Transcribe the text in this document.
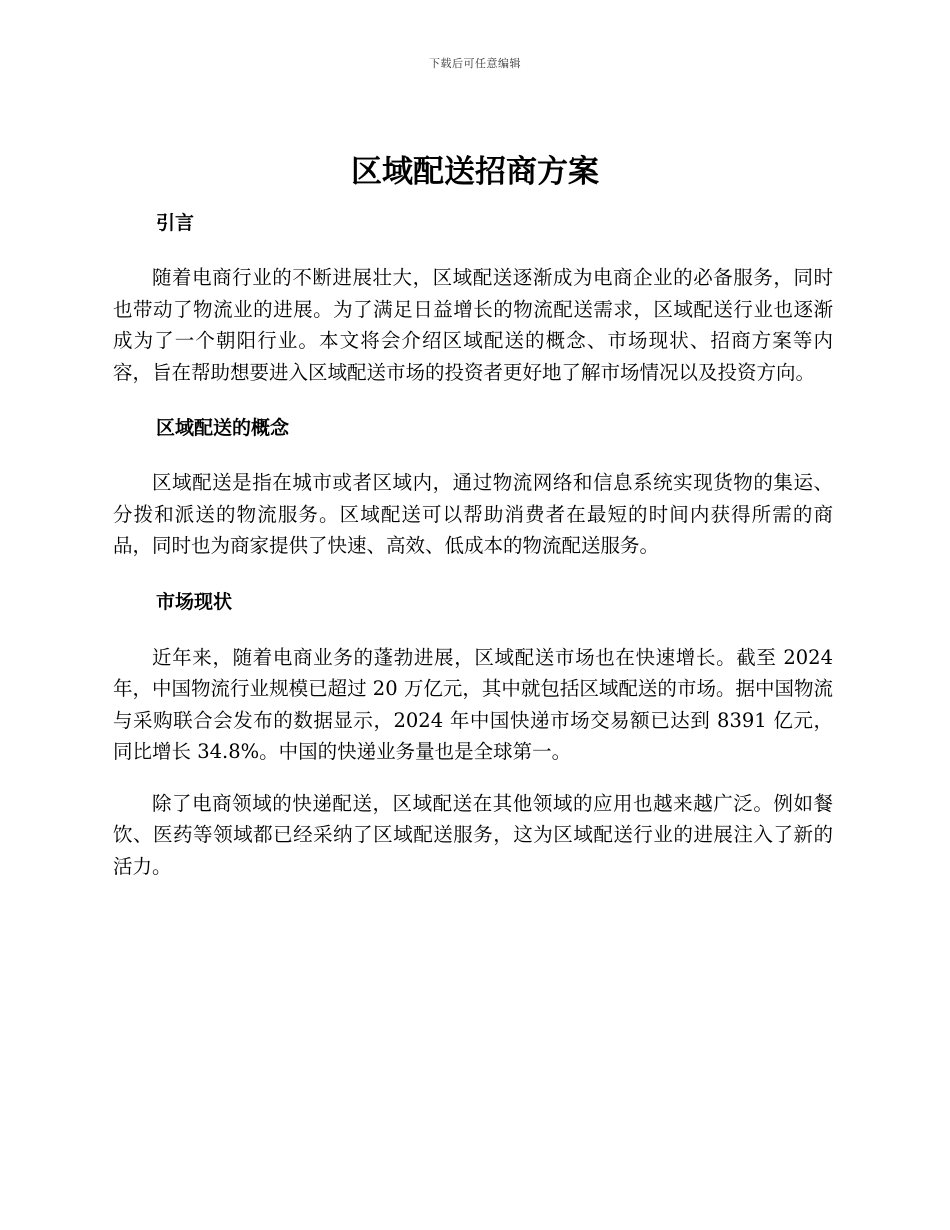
下载后可任意编辑
区域配送招商方案
引言

随着电商行业的不断进展壮大，区域配送逐渐成为电商企业的必备服务，同时也带动了物流业的进展。为了满足日益增长的物流配送需求，区域配送行业也逐渐成为了一个朝阳行业。本文将会介绍区域配送的概念、市场现状、招商方案等内容，旨在帮助想要进入区域配送市场的投资者更好地了解市场情况以及投资方向。

区域配送的概念

区域配送是指在城市或者区域内，通过物流网络和信息系统实现货物的集运、分拨和派送的物流服务。区域配送可以帮助消费者在最短的时间内获得所需的商品，同时也为商家提供了快速、高效、低成本的物流配送服务。

市场现状

近年来，随着电商业务的蓬勃进展，区域配送市场也在快速增长。截至 2024 年，中国物流行业规模已超过 20 万亿元，其中就包括区域配送的市场。据中国物流与采购联合会发布的数据显示，2024 年中国快递市场交易额已达到 8391 亿元，同比增长 34.8%。中国的快递业务量也是全球第一。

除了电商领域的快递配送，区域配送在其他领域的应用也越来越广泛。例如餐饮、医药等领域都已经采纳了区域配送服务，这为区域配送行业的进展注入了新的活力。
